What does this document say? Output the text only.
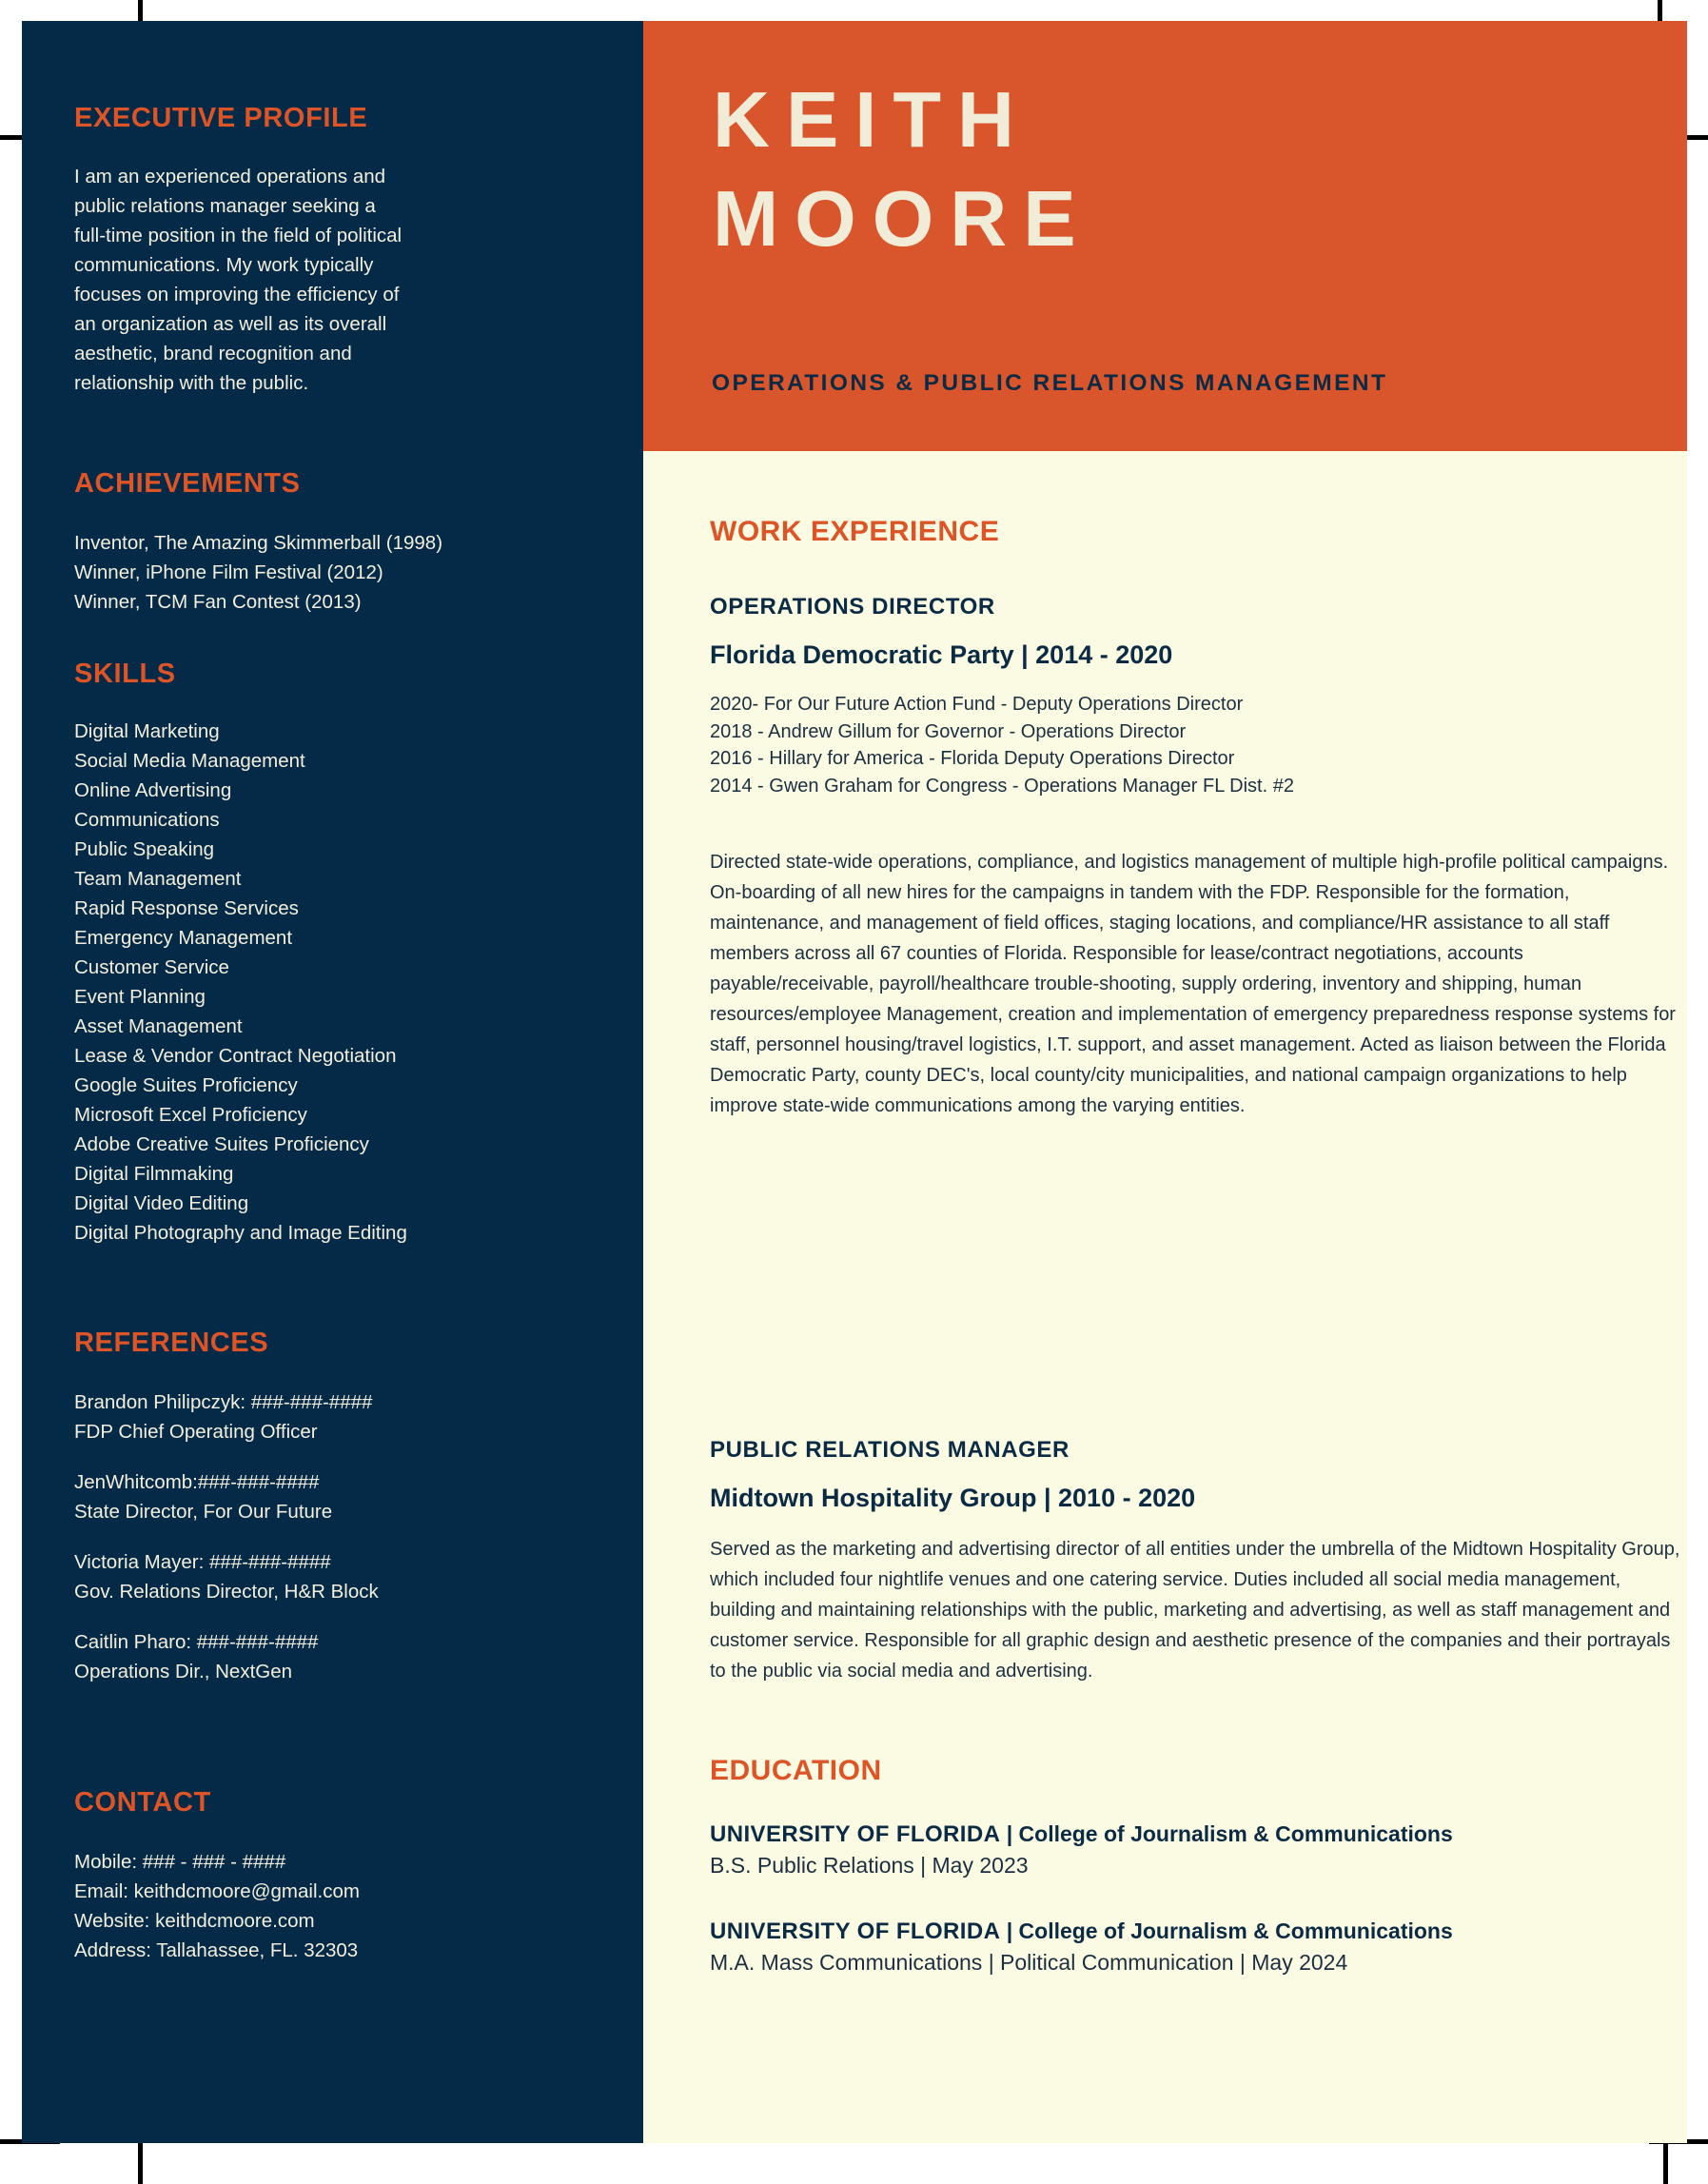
EXECUTIVE PROFILE

I am an experienced operations and public relations manager seeking a full-time position in the field of political communications. My work typically focuses on improving the efficiency of an organization as well as its overall aesthetic, brand recognition and relationship with the public.

ACHIEVEMENTS
Inventor, The Amazing Skimmerball (1998)
Winner, iPhone Film Festival (2012)
Winner, TCM Fan Contest (2013)
SKILLS
Digital Marketing
Social Media Management
Online Advertising
Communications
Public Speaking
Team Management
Rapid Response Services
Emergency Management
Customer Service
Event Planning
Asset Management
Lease & Vendor Contract Negotiation
Google Suites Proficiency
Microsoft Excel Proficiency
Adobe Creative Suites Proficiency
Digital Filmmaking
Digital Video Editing
Digital Photography and Image Editing
REFERENCES
Brandon Philipczyk: ###-###-####
FDP Chief Operating Officer
JenWhitcomb:###-###-####
State Director, For Our Future
Victoria Mayer: ###-###-####
Gov. Relations Director, H&R Block
Caitlin Pharo: ###-###-####
Operations Dir., NextGen
CONTACT
Mobile: ### - ### - ####
Email: keithdcmoore@gmail.com
Website: keithdcmoore.com
Address: Tallahassee, FL. 32303
KEITH
MOORE
OPERATIONS & PUBLIC RELATIONS MANAGEMENT
WORK EXPERIENCE
OPERATIONS DIRECTOR
Florida Democratic Party | 2014 - 2020
2020- For Our Future Action Fund - Deputy Operations Director
2018 - Andrew Gillum for Governor - Operations Director
2016 - Hillary for America - Florida Deputy Operations Director
2014 - Gwen Graham for Congress - Operations Manager FL Dist. #2

Directed state-wide operations, compliance, and logistics management of multiple high-profile political campaigns. On-boarding of all new hires for the campaigns in tandem with the FDP. Responsible for the formation, maintenance, and management of field offices, staging locations, and compliance/HR assistance to all staff members across all 67 counties of Florida. Responsible for lease/contract negotiations, accounts payable/receivable, payroll/healthcare trouble-shooting, supply ordering, inventory and shipping, human resources/employee Management, creation and implementation of emergency preparedness response systems for staff, personnel housing/travel logistics, I.T. support, and asset management. Acted as liaison between the Florida Democratic Party, county DEC's, local county/city municipalities, and national campaign organizations to help improve state-wide communications among the varying entities.

PUBLIC RELATIONS MANAGER
Midtown Hospitality Group | 2010 - 2020

Served as the marketing and advertising director of all entities under the umbrella of the Midtown Hospitality Group, which included four nightlife venues and one catering service. Duties included all social media management, building and maintaining relationships with the public, marketing and advertising, as well as staff management and customer service. Responsible for all graphic design and aesthetic presence of the companies and their portrayals to the public via social media and advertising.

EDUCATION
UNIVERSITY OF FLORIDA | College of Journalism & Communications
B.S. Public Relations | May 2023
UNIVERSITY OF FLORIDA | College of Journalism & Communications
M.A. Mass Communications | Political Communication | May 2024
